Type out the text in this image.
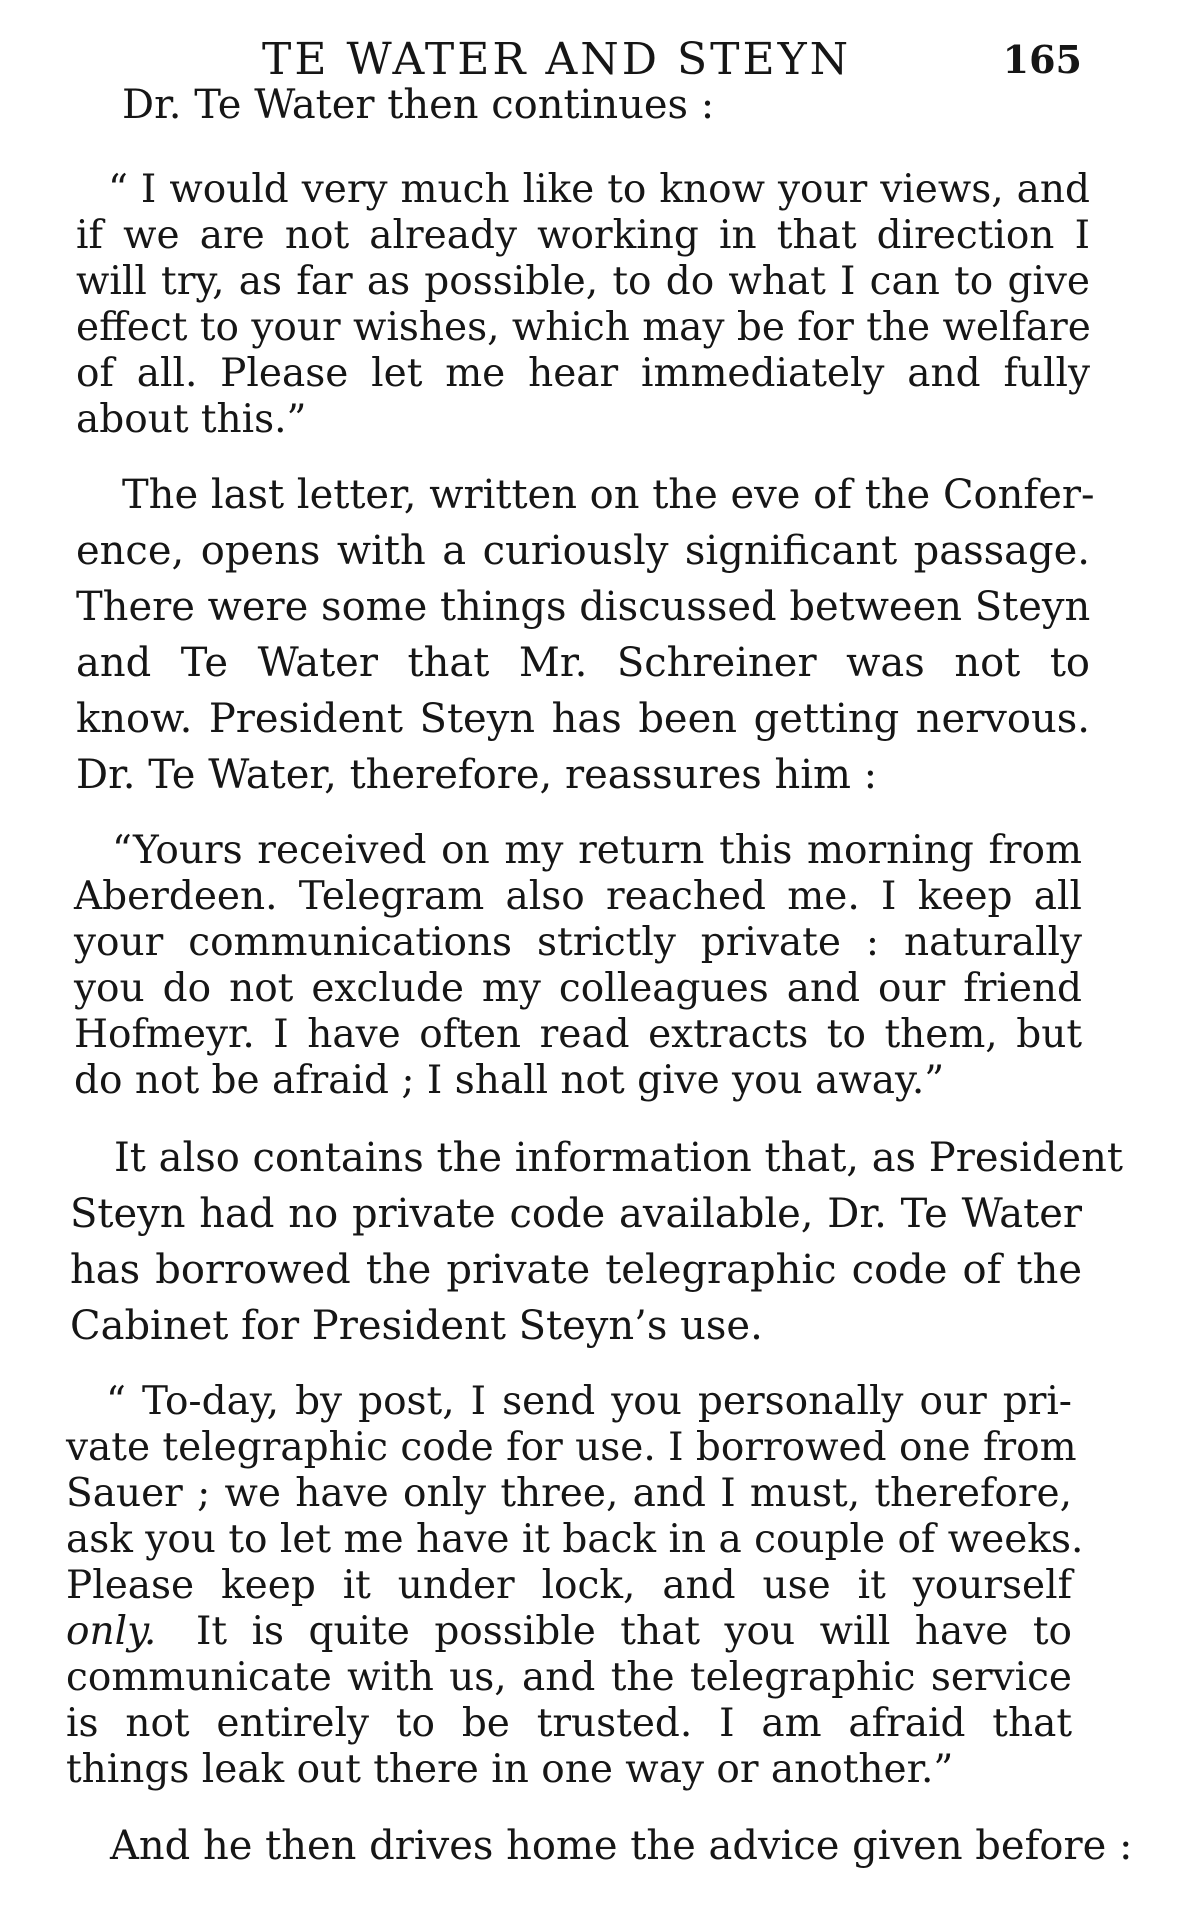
TE WATER AND STEYN	165
Dr. Te Water then continues :
“ I would very much like to know your views, and
if we are not already working in that direction I
will try, as far as possible, to do what I can to give
effect to your wishes, which may be for the welfare
of all. Please let me hear immediately and fully
about this.”
The last letter, written on the eve of the Confer-
ence, opens with a curiously significant passage.
There were some things discussed between Steyn
and Te Water that Mr. Schreiner was not to
know. President Steyn has been getting nervous.
Dr. Te Water, therefore, reassures him :
“Yours received on my return this morning from
Aberdeen. Telegram also reached me. I keep all
your communications strictly private : naturally
you do not exclude my colleagues and our friend
Hofmeyr. I have often read extracts to them, but
do not be afraid ; I shall not give you away.”
It also contains the information that, as President
Steyn had no private code available, Dr. Te Water
has borrowed the private telegraphic code of the
Cabinet for President Steyn’s use.
“ To-day, by post, I send you personally our pri-
vate telegraphic code for use. I borrowed one from
Sauer ; we have only three, and I must, therefore,
ask you to let me have it back in a couple of weeks.
Please keep it under lock, and use it yourself
only. It is quite possible that you will have to
communicate with us, and the telegraphic service
is not entirely to be trusted. I am afraid that
things leak out there in one way or another.”
And he then drives home the advice given before :
